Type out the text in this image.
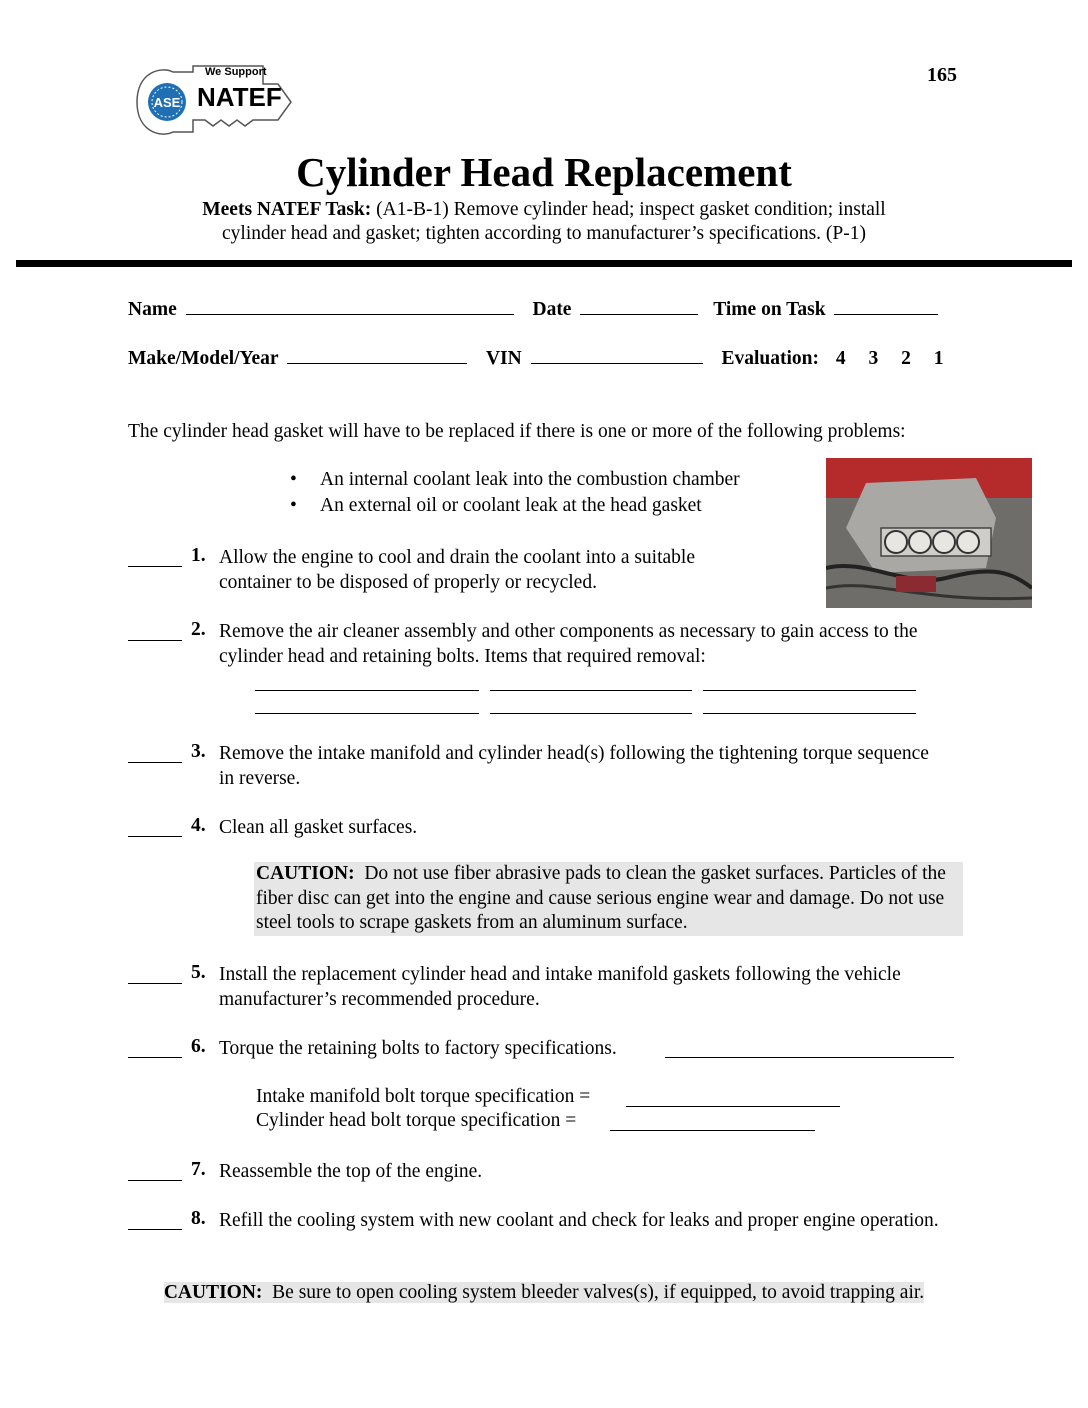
ASE
We Support
NATEF
165
Cylinder Head Replacement
Meets NATEF Task: (A1-B-1) Remove cylinder head; inspect gasket condition; install
cylinder head and gasket; tighten according to manufacturer’s specifications. (P-1)
Name	Date	Time on Task
Make/Model/Year	VIN	Evaluation: 4 3 2 1
The cylinder head gasket will have to be replaced if there is one or more of the following problems:
• An internal coolant leak into the combustion chamber
• An external oil or coolant leak at the head gasket
1. Allow the engine to cool and drain the coolant into a suitable container to be disposed of properly or recycled.
2. Remove the air cleaner assembly and other components as necessary to gain access to the cylinder head and retaining bolts. Items that required removal:
3. Remove the intake manifold and cylinder head(s) following the tightening torque sequence in reverse.
4. Clean all gasket surfaces.
CAUTION: Do not use fiber abrasive pads to clean the gasket surfaces. Particles of the fiber disc can get into the engine and cause serious engine wear and damage. Do not use steel tools to scrape gaskets from an aluminum surface.
5. Install the replacement cylinder head and intake manifold gaskets following the vehicle manufacturer’s recommended procedure.
6. Torque the retaining bolts to factory specifications.
Intake manifold bolt torque specification =
Cylinder head bolt torque specification =
7. Reassemble the top of the engine.
8. Refill the cooling system with new coolant and check for leaks and proper engine operation.
CAUTION: Be sure to open cooling system bleeder valves(s), if equipped, to avoid trapping air.
